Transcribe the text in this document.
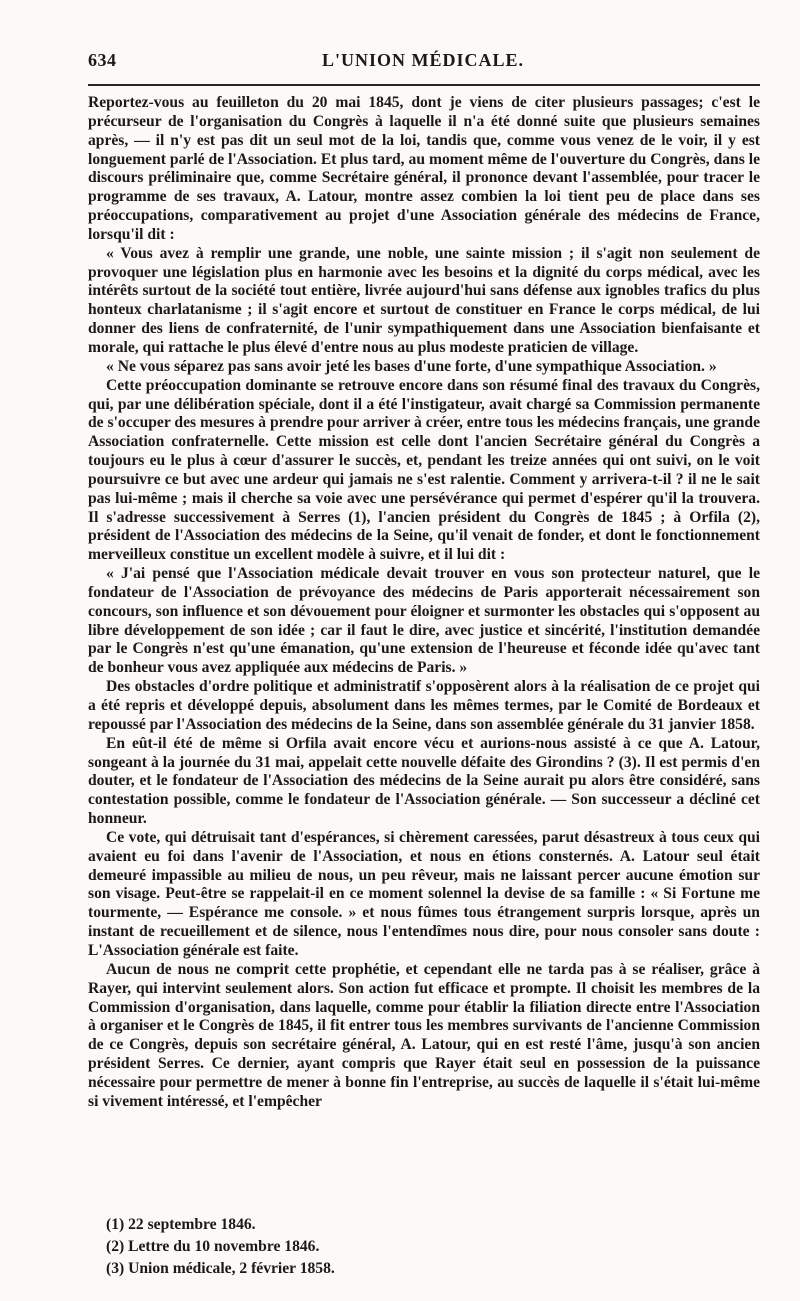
634	L'UNION MÉDICALE.

Reportez-vous au feuilleton du 20 mai 1845, dont je viens de citer plusieurs passages; c'est le précurseur de l'organisation du Congrès à laquelle il n'a été donné suite que plusieurs semaines après, — il n'y est pas dit un seul mot de la loi, tandis que, comme vous venez de le voir, il y est longuement parlé de l'Association. Et plus tard, au moment même de l'ouverture du Congrès, dans le discours préliminaire que, comme Secrétaire général, il prononce devant l'assemblée, pour tracer le programme de ses travaux, A. Latour, montre assez combien la loi tient peu de place dans ses préoccupations, comparativement au projet d'une Association générale des médecins de France, lorsqu'il dit :

« Vous avez à remplir une grande, une noble, une sainte mission ; il s'agit non seulement de provoquer une législation plus en harmonie avec les besoins et la dignité du corps médical, avec les intérêts surtout de la société tout entière, livrée aujourd'hui sans défense aux ignobles trafics du plus honteux charlatanisme ; il s'agit encore et surtout de constituer en France le corps médical, de lui donner des liens de confraternité, de l'unir sympathiquement dans une Association bienfaisante et morale, qui rattache le plus élevé d'entre nous au plus modeste praticien de village.

« Ne vous séparez pas sans avoir jeté les bases d'une forte, d'une sympathique Association. »

Cette préoccupation dominante se retrouve encore dans son résumé final des travaux du Congrès, qui, par une délibération spéciale, dont il a été l'instigateur, avait chargé sa Commission permanente de s'occuper des mesures à prendre pour arriver à créer, entre tous les médecins français, une grande Association confraternelle. Cette mission est celle dont l'ancien Secrétaire général du Congrès a toujours eu le plus à cœur d'assurer le succès, et, pendant les treize années qui ont suivi, on le voit poursuivre ce but avec une ardeur qui jamais ne s'est ralentie. Comment y arrivera-t-il ? il ne le sait pas lui-même ; mais il cherche sa voie avec une persévérance qui permet d'espérer qu'il la trouvera. Il s'adresse successivement à Serres (1), l'ancien président du Congrès de 1845 ; à Orfila (2), président de l'Association des médecins de la Seine, qu'il venait de fonder, et dont le fonctionnement merveilleux constitue un excellent modèle à suivre, et il lui dit :

« J'ai pensé que l'Association médicale devait trouver en vous son protecteur naturel, que le fondateur de l'Association de prévoyance des médecins de Paris apporterait nécessairement son concours, son influence et son dévouement pour éloigner et surmonter les obstacles qui s'opposent au libre développement de son idée ; car il faut le dire, avec justice et sincérité, l'institution demandée par le Congrès n'est qu'une émanation, qu'une extension de l'heureuse et féconde idée qu'avec tant de bonheur vous avez appliquée aux médecins de Paris. »

Des obstacles d'ordre politique et administratif s'opposèrent alors à la réalisation de ce projet qui a été repris et développé depuis, absolument dans les mêmes termes, par le Comité de Bordeaux et repoussé par l'Association des médecins de la Seine, dans son assemblée générale du 31 janvier 1858.

En eût-il été de même si Orfila avait encore vécu et aurions-nous assisté à ce que A. Latour, songeant à la journée du 31 mai, appelait cette nouvelle défaite des Girondins ? (3). Il est permis d'en douter, et le fondateur de l'Association des médecins de la Seine aurait pu alors être considéré, sans contestation possible, comme le fondateur de l'Association générale. — Son successeur a décliné cet honneur.

Ce vote, qui détruisait tant d'espérances, si chèrement caressées, parut désastreux à tous ceux qui avaient eu foi dans l'avenir de l'Association, et nous en étions consternés. A. Latour seul était demeuré impassible au milieu de nous, un peu rêveur, mais ne laissant percer aucune émotion sur son visage. Peut-être se rappelait-il en ce moment solennel la devise de sa famille : « Si Fortune me tourmente, — Espérance me console. » et nous fûmes tous étrangement surpris lorsque, après un instant de recueillement et de silence, nous l'entendîmes nous dire, pour nous consoler sans doute : L'Association générale est faite.

Aucun de nous ne comprit cette prophétie, et cependant elle ne tarda pas à se réaliser, grâce à Rayer, qui intervint seulement alors. Son action fut efficace et prompte. Il choisit les membres de la Commission d'organisation, dans laquelle, comme pour établir la filiation directe entre l'Association à organiser et le Congrès de 1845, il fit entrer tous les membres survivants de l'ancienne Commission de ce Congrès, depuis son secrétaire général, A. Latour, qui en est resté l'âme, jusqu'à son ancien président Serres. Ce dernier, ayant compris que Rayer était seul en possession de la puissance nécessaire pour permettre de mener à bonne fin l'entreprise, au succès de laquelle il s'était lui-même si vivement intéressé, et l'empêcher

(1) 22 septembre 1846.
(2) Lettre du 10 novembre 1846.
(3) Union médicale, 2 février 1858.
